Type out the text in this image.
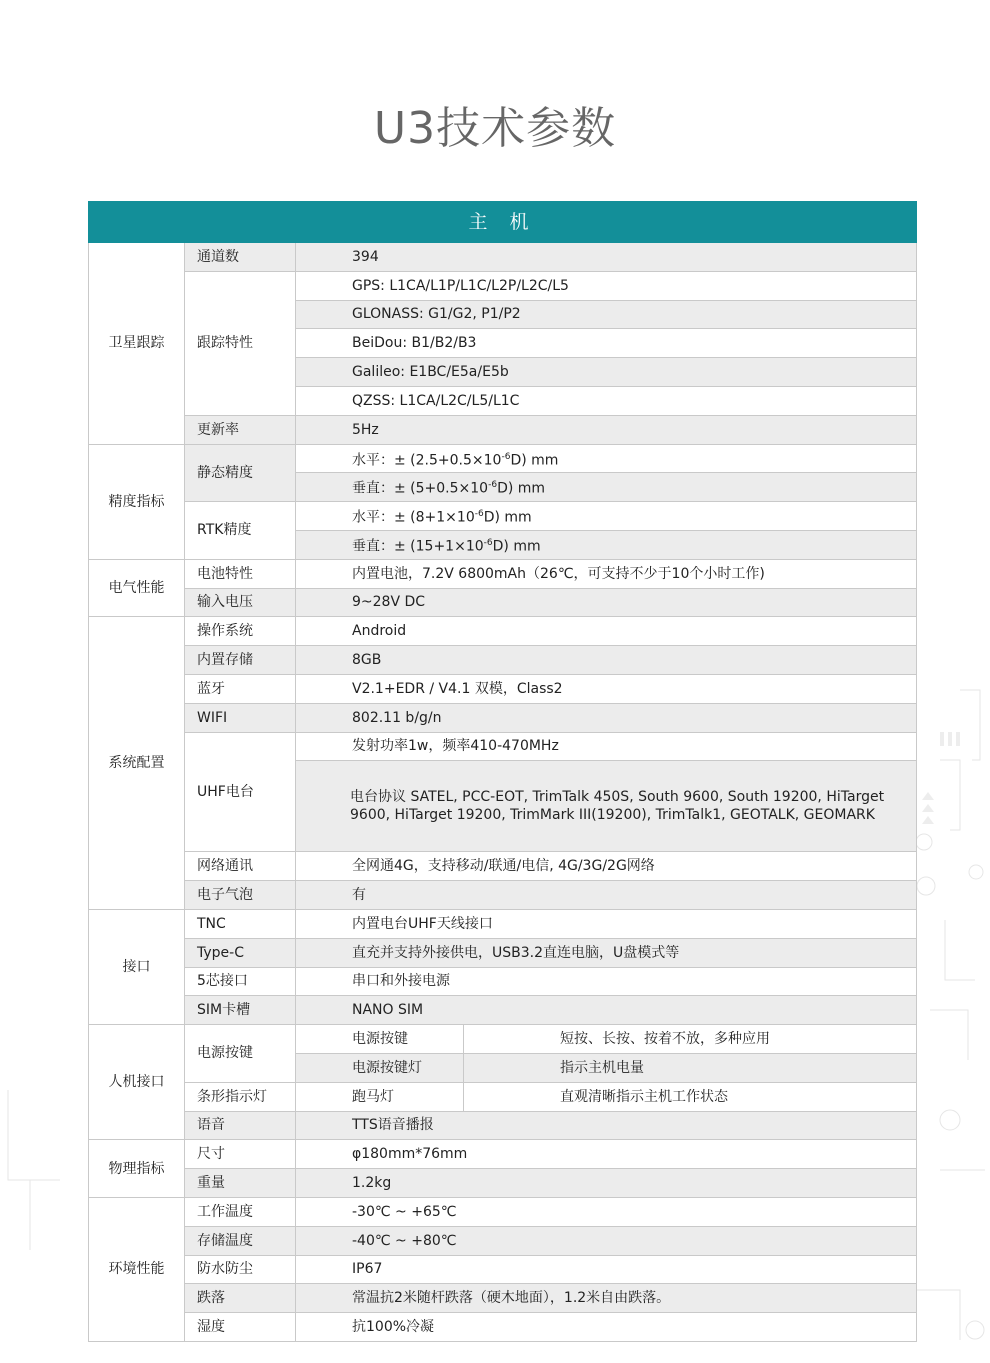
U3技术参数
主 机			
卫星跟踪	通道数	394	
	跟踪特性	GPS: L1CA/L1P/L1C/L2P/L2C/L5	
		GLONASS: G1/G2, P1/P2	
		BeiDou: B1/B2/B3	
		Galileo: E1BC/E5a/E5b	
		QZSS: L1CA/L2C/L5/L1C	
	更新率	5Hz	
精度指标	静态精度	水平：± $(2.5+0.5\times 10^{-6}D)$ mm	
		垂直：± $(5+0.5\times 10^{-6}D)$ mm	
	RTK精度	水平：± $(8+1\times 10^{-6}D)$ mm	
		垂直：± $(15+1\times 10^{-6}D)$ mm	
电气性能	电池特性	内置电池，7.2V 6800mAh（26℃，可支持不少于10个小时工作)	
	输入电压	9~28V DC	
系统配置	操作系统	Android	
	内置存储	8GB	
	蓝牙	V2.1+EDR / V4.1 双模，Class2	
	WIFI	802.11 b/g/n	
	UHF电台	发射功率1w，频率410-470MHz	
		电台协议 SATEL, PCC-EOT, TrimTalk 450S, South 9600, South 19200, HiTarget 9600, HiTarget 19200, TrimMark III(19200), TrimTalk1, GEOTALK, GEOMARK	
	网络通讯	全网通4G，支持移动/联通/电信, 4G/3G/2G网络	
	电子气泡	有	
接口	TNC	内置电台UHF天线接口	
	Type-C	直充并支持外接供电，USB3.2直连电脑，U盘模式等	
	5芯接口	串口和外接电源	
	SIM卡槽	NANO SIM	
人机接口	电源按键	电源按键	短按、长按、按着不放，多种应用
		电源按键灯	指示主机电量
	条形指示灯	跑马灯	直观清晰指示主机工作状态
	语音	TTS语音播报	
物理指标	尺寸	φ180mm*76mm	
	重量	1.2kg	
环境性能	工作温度	-30℃ ~ +65℃	
	存储温度	-40℃ ~ +80℃	
	防水防尘	IP67	
	跌落	常温抗2米随杆跌落（硬木地面），1.2米自由跌落。	
	湿度	抗100%冷凝	
